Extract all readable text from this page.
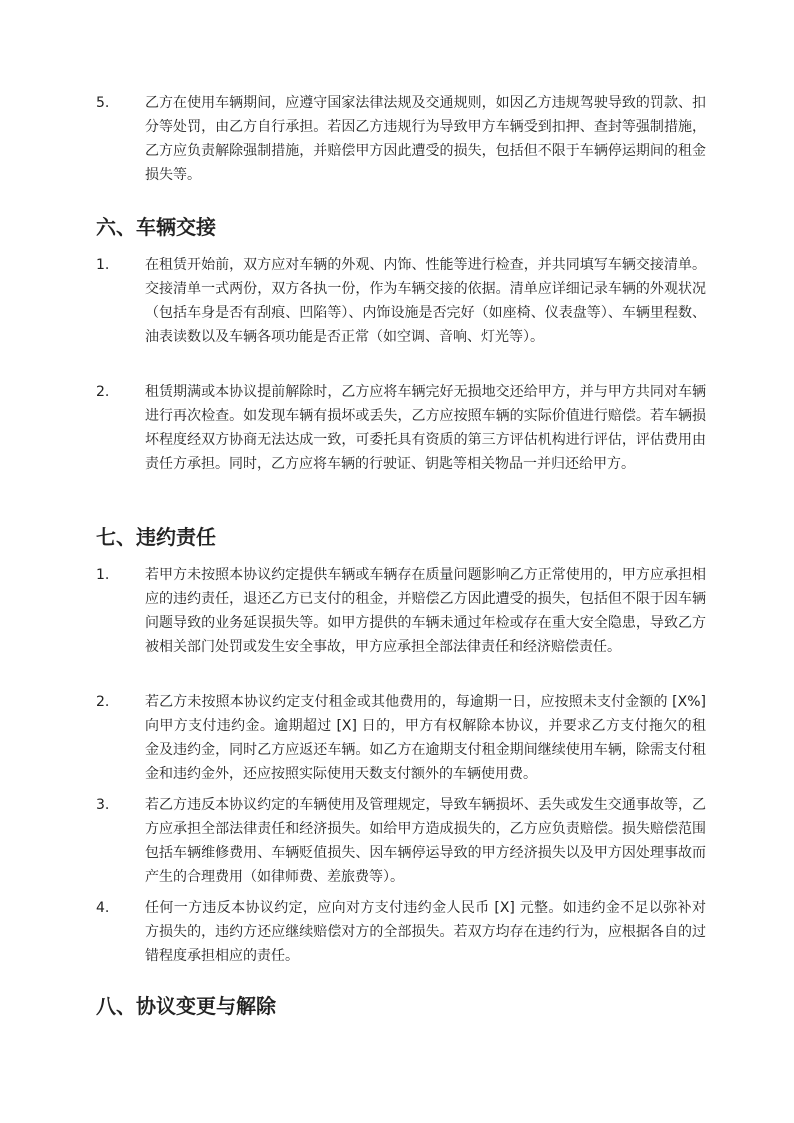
5.	乙方在使用车辆期间，应遵守国家法律法规及交通规则，如因乙方违规驾驶导致的罚款、扣分等处罚，由乙方自行承担。若因乙方违规行为导致甲方车辆受到扣押、查封等强制措施，乙方应负责解除强制措施，并赔偿甲方因此遭受的损失，包括但不限于车辆停运期间的租金损失等。
六、车辆交接
1.	在租赁开始前，双方应对车辆的外观、内饰、性能等进行检查，并共同填写车辆交接清单。交接清单一式两份，双方各执一份，作为车辆交接的依据。清单应详细记录车辆的外观状况（包括车身是否有刮痕、凹陷等）、内饰设施是否完好（如座椅、仪表盘等）、车辆里程数、油表读数以及车辆各项功能是否正常（如空调、音响、灯光等）。
2.	租赁期满或本协议提前解除时，乙方应将车辆完好无损地交还给甲方，并与甲方共同对车辆进行再次检查。如发现车辆有损坏或丢失，乙方应按照车辆的实际价值进行赔偿。若车辆损坏程度经双方协商无法达成一致，可委托具有资质的第三方评估机构进行评估，评估费用由责任方承担。同时，乙方应将车辆的行驶证、钥匙等相关物品一并归还给甲方。
七、违约责任
1.	若甲方未按照本协议约定提供车辆或车辆存在质量问题影响乙方正常使用的，甲方应承担相应的违约责任，退还乙方已支付的租金，并赔偿乙方因此遭受的损失，包括但不限于因车辆问题导致的业务延误损失等。如甲方提供的车辆未通过年检或存在重大安全隐患，导致乙方被相关部门处罚或发生安全事故，甲方应承担全部法律责任和经济赔偿责任。
2.	若乙方未按照本协议约定支付租金或其他费用的，每逾期一日，应按照未支付金额的 [X%] 向甲方支付违约金。逾期超过 [X] 日的，甲方有权解除本协议，并要求乙方支付拖欠的租金及违约金，同时乙方应返还车辆。如乙方在逾期支付租金期间继续使用车辆，除需支付租金和违约金外，还应按照实际使用天数支付额外的车辆使用费。
3.	若乙方违反本协议约定的车辆使用及管理规定，导致车辆损坏、丢失或发生交通事故等，乙方应承担全部法律责任和经济损失。如给甲方造成损失的，乙方应负责赔偿。损失赔偿范围包括车辆维修费用、车辆贬值损失、因车辆停运导致的甲方经济损失以及甲方因处理事故而产生的合理费用（如律师费、差旅费等）。
4.	任何一方违反本协议约定，应向对方支付违约金人民币 [X] 元整。如违约金不足以弥补对方损失的，违约方还应继续赔偿对方的全部损失。若双方均存在违约行为，应根据各自的过错程度承担相应的责任。
八、协议变更与解除
